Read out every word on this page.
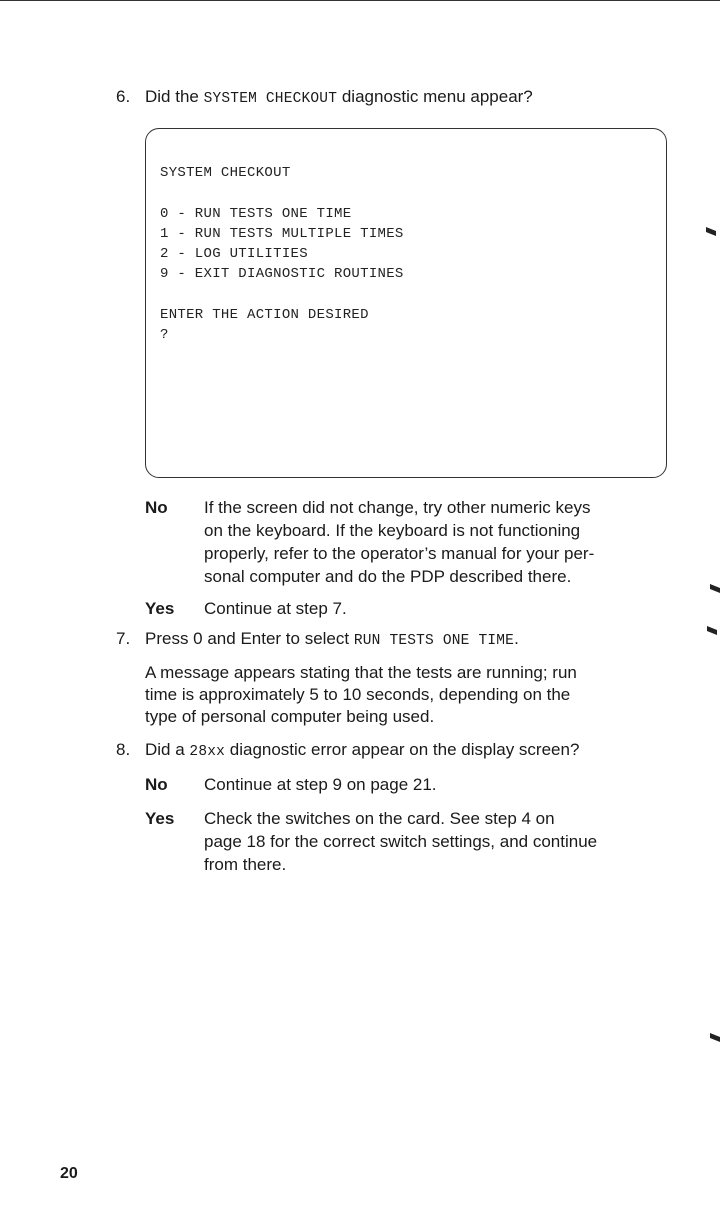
6. Did the SYSTEM CHECKOUT diagnostic menu appear?
SYSTEM CHECKOUT
0 - RUN TESTS ONE TIME
1 - RUN TESTS MULTIPLE TIMES
2 - LOG UTILITIES
9 - EXIT DIAGNOSTIC ROUTINES
ENTER THE ACTION DESIRED
?
No If the screen did not change, try other numeric keys
on the keyboard. If the keyboard is not functioning
properly, refer to the operator’s manual for your per-
sonal computer and do the PDP described there.
Yes Continue at step 7.
7. Press 0 and Enter to select RUN TESTS ONE TIME.
A message appears stating that the tests are running; run
time is approximately 5 to 10 seconds, depending on the
type of personal computer being used.
8. Did a 28xx diagnostic error appear on the display screen?
No Continue at step 9 on page 21.
Yes Check the switches on the card. See step 4 on
page 18 for the correct switch settings, and continue
from there.
20
